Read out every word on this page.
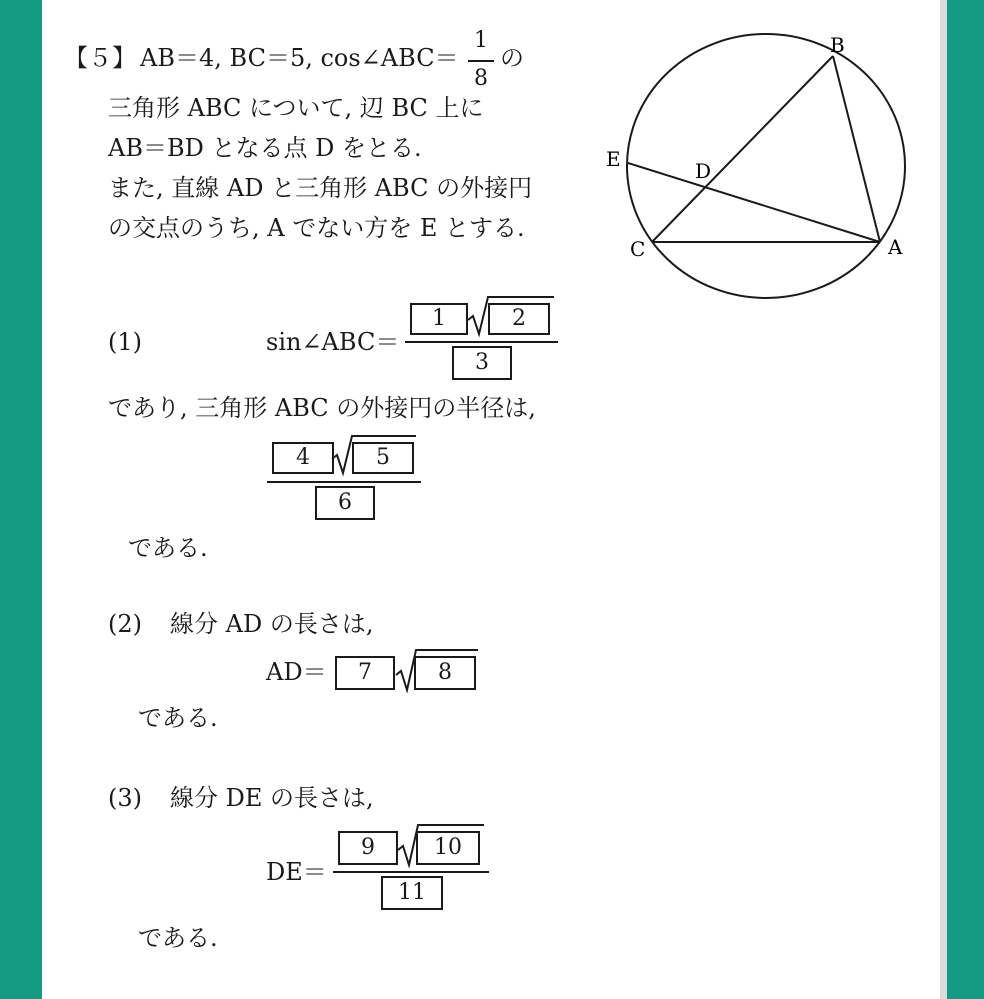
【５】 AB＝4, BC＝5, cos∠ABC＝
1
8
の
三角形 ABC について, 辺 BC 上に
AB＝BD となる点 D をとる.
また, 直線 AD と三角形 ABC の外接円
の交点のうち, A でない方を E とする.
B
A
C
D
E
(1)	sin∠ABC＝
1	2
3
であり, 三角形 ABC の外接円の半径は,
4	5
6
である.
(2) 線分 AD の長さは,
AD＝	7	8
である.
(3) 線分 DE の長さは,
DE＝
9	10
11
である.
